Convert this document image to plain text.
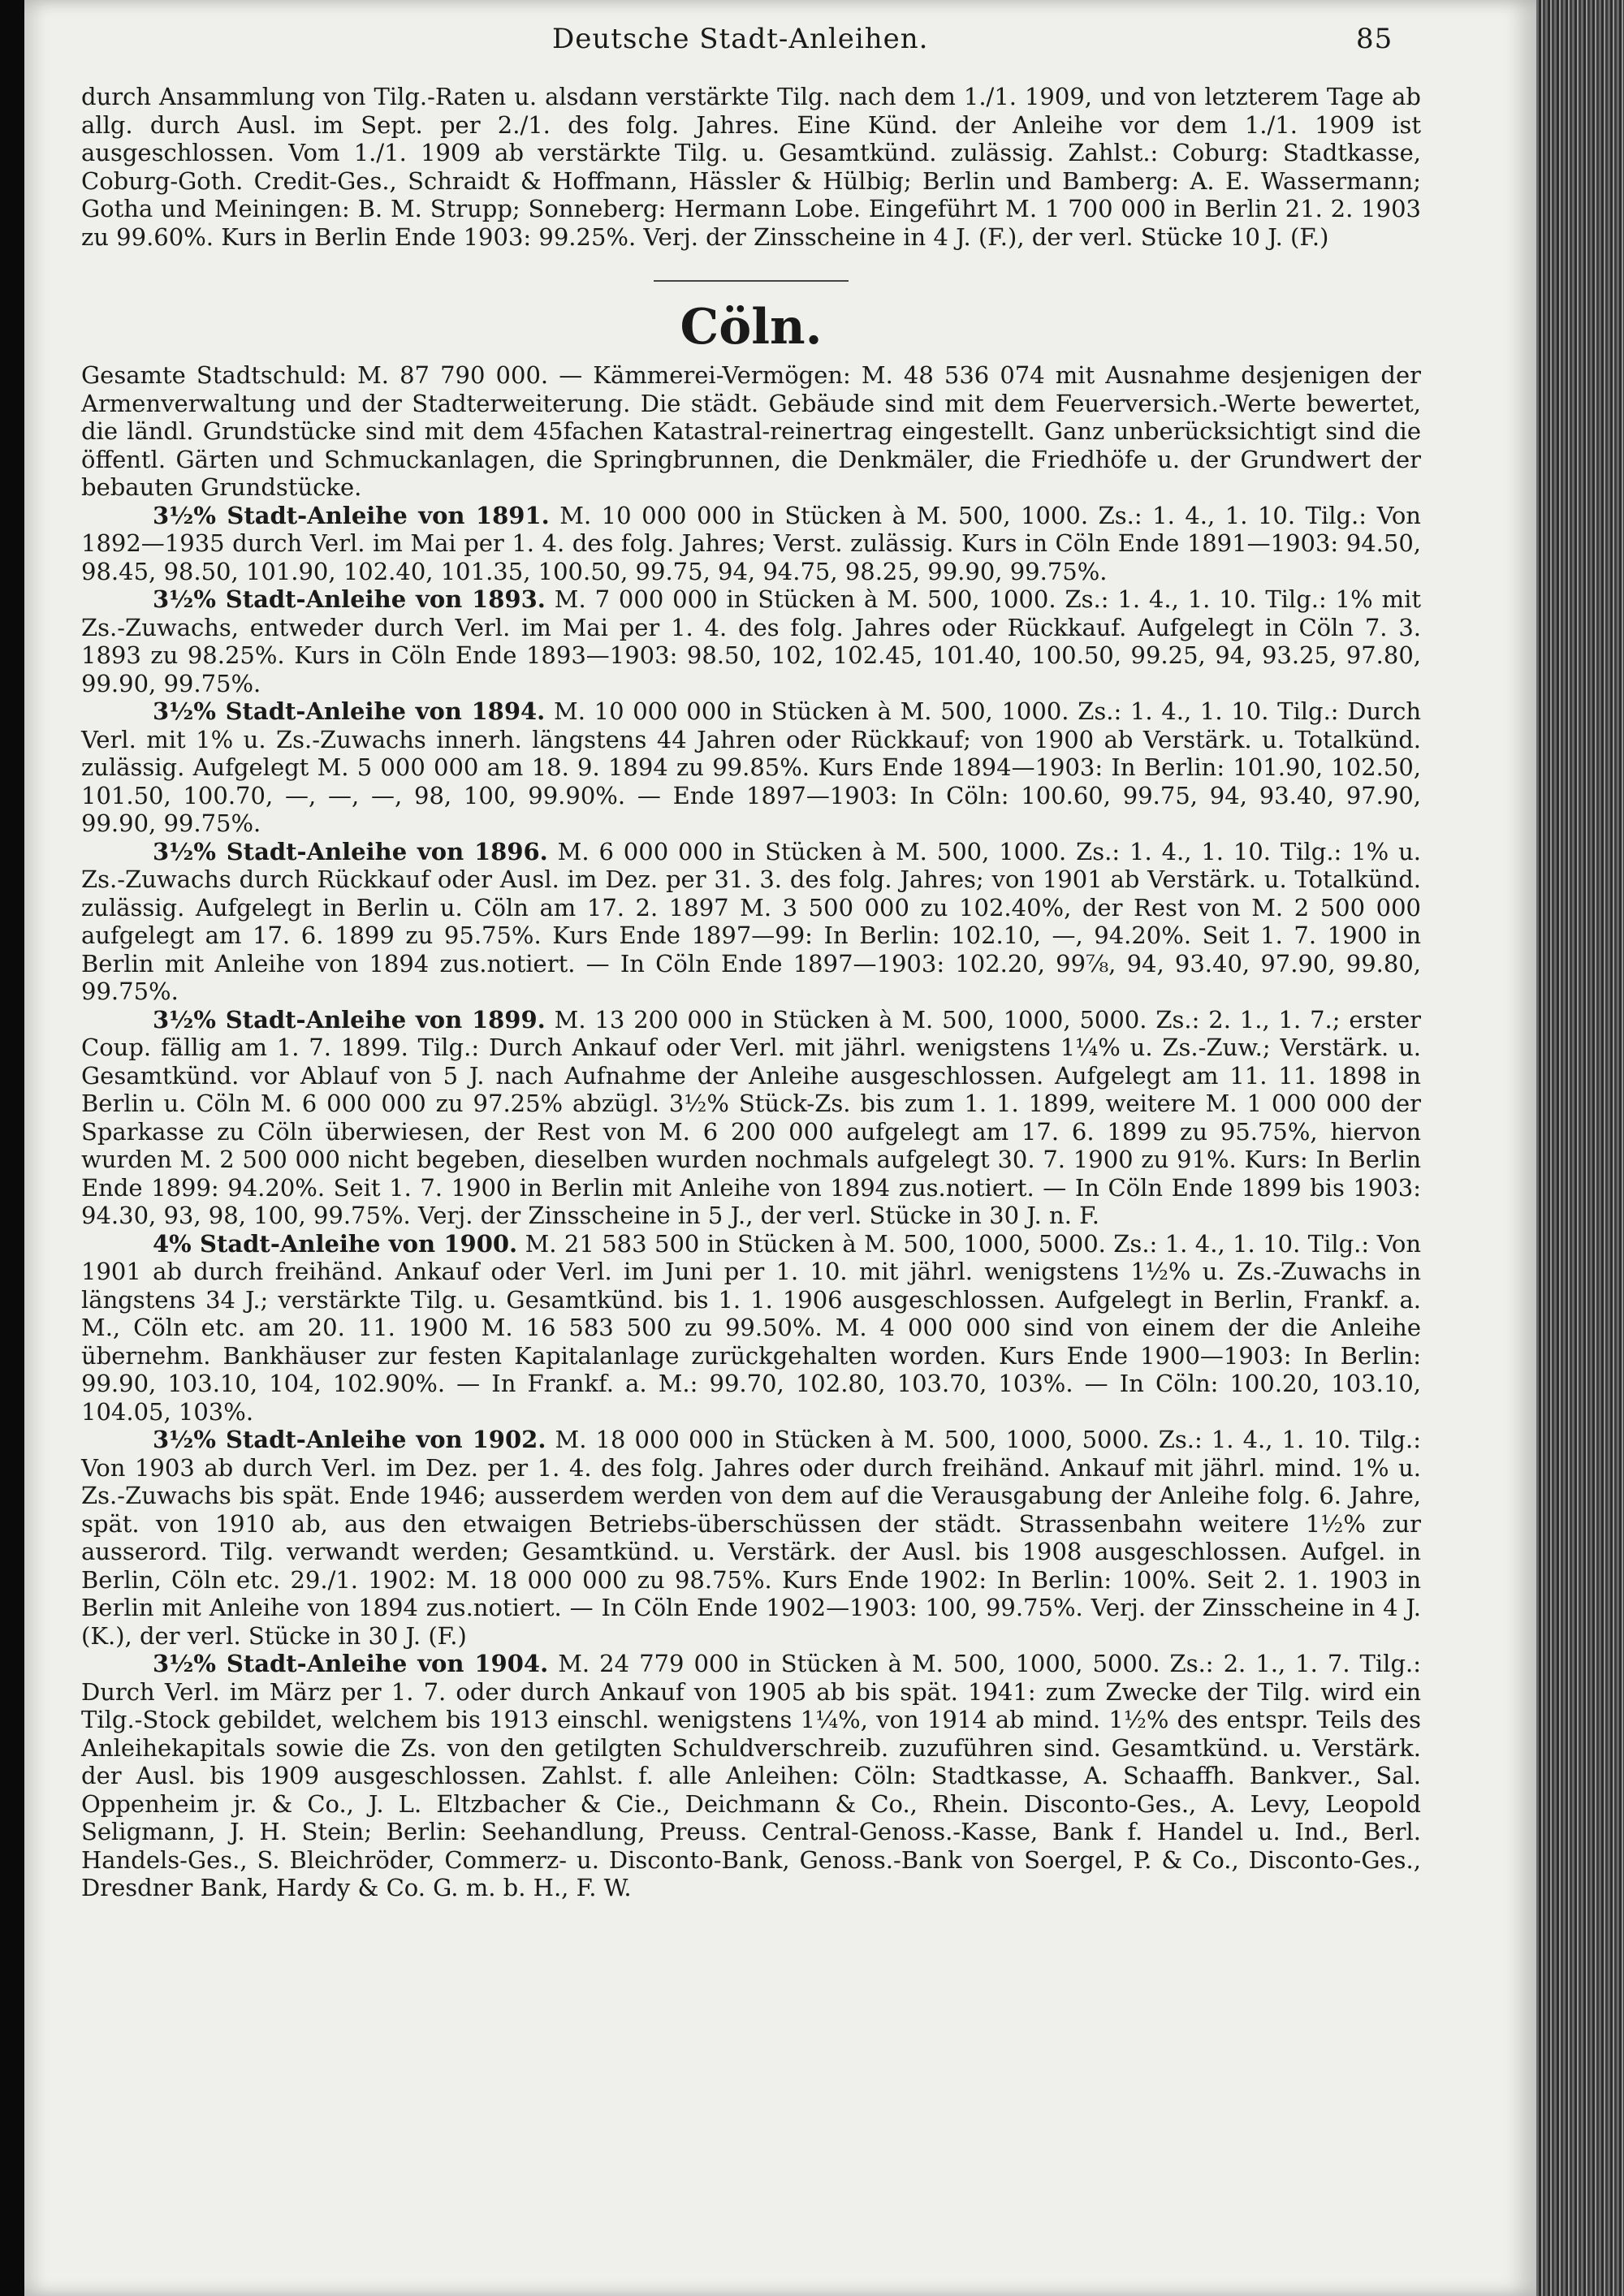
Deutsche Stadt-Anleihen.	85

durch Ansammlung von Tilg.-Raten u. alsdann verstärkte Tilg. nach dem 1./1. 1909, und von letzterem Tage ab allg. durch Ausl. im Sept. per 2./1. des folg. Jahres. Eine Künd. der Anleihe vor dem 1./1. 1909 ist ausgeschlossen. Vom 1./1. 1909 ab verstärkte Tilg. u. Gesamtkünd. zulässig. Zahlst.: Coburg: Stadtkasse, Coburg-Goth. Credit-Ges., Schraidt & Hoffmann, Hässler & Hülbig; Berlin und Bamberg: A. E. Wassermann; Gotha und Meiningen: B. M. Strupp; Sonneberg: Hermann Lobe. Eingeführt M. 1 700 000 in Berlin 21. 2. 1903 zu 99.60%. Kurs in Berlin Ende 1903: 99.25%. Verj. der Zinsscheine in 4 J. (F.), der verl. Stücke 10 J. (F.)

Cöln.

Gesamte Stadtschuld: M. 87 790 000. — Kämmerei-Vermögen: M. 48 536 074 mit Ausnahme desjenigen der Armenverwaltung und der Stadterweiterung. Die städt. Gebäude sind mit dem Feuerversich.-Werte bewertet, die ländl. Grundstücke sind mit dem 45fachen Katastral-reinertrag eingestellt. Ganz unberücksichtigt sind die öffentl. Gärten und Schmuckanlagen, die Springbrunnen, die Denkmäler, die Friedhöfe u. der Grundwert der bebauten Grundstücke.

3½% Stadt-Anleihe von 1891. M. 10 000 000 in Stücken à M. 500, 1000. Zs.: 1. 4., 1. 10. Tilg.: Von 1892—1935 durch Verl. im Mai per 1. 4. des folg. Jahres; Verst. zulässig. Kurs in Cöln Ende 1891—1903: 94.50, 98.45, 98.50, 101.90, 102.40, 101.35, 100.50, 99.75, 94, 94.75, 98.25, 99.90, 99.75%.

3½% Stadt-Anleihe von 1893. M. 7 000 000 in Stücken à M. 500, 1000. Zs.: 1. 4., 1. 10. Tilg.: 1% mit Zs.-Zuwachs, entweder durch Verl. im Mai per 1. 4. des folg. Jahres oder Rückkauf. Aufgelegt in Cöln 7. 3. 1893 zu 98.25%. Kurs in Cöln Ende 1893—1903: 98.50, 102, 102.45, 101.40, 100.50, 99.25, 94, 93.25, 97.80, 99.90, 99.75%.

3½% Stadt-Anleihe von 1894. M. 10 000 000 in Stücken à M. 500, 1000. Zs.: 1. 4., 1. 10. Tilg.: Durch Verl. mit 1% u. Zs.-Zuwachs innerh. längstens 44 Jahren oder Rückkauf; von 1900 ab Verstärk. u. Totalkünd. zulässig. Aufgelegt M. 5 000 000 am 18. 9. 1894 zu 99.85%. Kurs Ende 1894—1903: In Berlin: 101.90, 102.50, 101.50, 100.70, —, —, —, 98, 100, 99.90%. — Ende 1897—1903: In Cöln: 100.60, 99.75, 94, 93.40, 97.90, 99.90, 99.75%.

3½% Stadt-Anleihe von 1896. M. 6 000 000 in Stücken à M. 500, 1000. Zs.: 1. 4., 1. 10. Tilg.: 1% u. Zs.-Zuwachs durch Rückkauf oder Ausl. im Dez. per 31. 3. des folg. Jahres; von 1901 ab Verstärk. u. Totalkünd. zulässig. Aufgelegt in Berlin u. Cöln am 17. 2. 1897 M. 3 500 000 zu 102.40%, der Rest von M. 2 500 000 aufgelegt am 17. 6. 1899 zu 95.75%. Kurs Ende 1897—99: In Berlin: 102.10, —, 94.20%. Seit 1. 7. 1900 in Berlin mit Anleihe von 1894 zus.notiert. — In Cöln Ende 1897—1903: 102.20, 99⅞, 94, 93.40, 97.90, 99.80, 99.75%.

3½% Stadt-Anleihe von 1899. M. 13 200 000 in Stücken à M. 500, 1000, 5000. Zs.: 2. 1., 1. 7.; erster Coup. fällig am 1. 7. 1899. Tilg.: Durch Ankauf oder Verl. mit jährl. wenigstens 1¼% u. Zs.-Zuw.; Verstärk. u. Gesamtkünd. vor Ablauf von 5 J. nach Aufnahme der Anleihe ausgeschlossen. Aufgelegt am 11. 11. 1898 in Berlin u. Cöln M. 6 000 000 zu 97.25% abzügl. 3½% Stück-Zs. bis zum 1. 1. 1899, weitere M. 1 000 000 der Sparkasse zu Cöln überwiesen, der Rest von M. 6 200 000 aufgelegt am 17. 6. 1899 zu 95.75%, hiervon wurden M. 2 500 000 nicht begeben, dieselben wurden nochmals aufgelegt 30. 7. 1900 zu 91%. Kurs: In Berlin Ende 1899: 94.20%. Seit 1. 7. 1900 in Berlin mit Anleihe von 1894 zus.notiert. — In Cöln Ende 1899 bis 1903: 94.30, 93, 98, 100, 99.75%. Verj. der Zinsscheine in 5 J., der verl. Stücke in 30 J. n. F.

4% Stadt-Anleihe von 1900. M. 21 583 500 in Stücken à M. 500, 1000, 5000. Zs.: 1. 4., 1. 10. Tilg.: Von 1901 ab durch freihänd. Ankauf oder Verl. im Juni per 1. 10. mit jährl. wenigstens 1½% u. Zs.-Zuwachs in längstens 34 J.; verstärkte Tilg. u. Gesamtkünd. bis 1. 1. 1906 ausgeschlossen. Aufgelegt in Berlin, Frankf. a. M., Cöln etc. am 20. 11. 1900 M. 16 583 500 zu 99.50%. M. 4 000 000 sind von einem der die Anleihe übernehm. Bankhäuser zur festen Kapitalanlage zurückgehalten worden. Kurs Ende 1900—1903: In Berlin: 99.90, 103.10, 104, 102.90%. — In Frankf. a. M.: 99.70, 102.80, 103.70, 103%. — In Cöln: 100.20, 103.10, 104.05, 103%.

3½% Stadt-Anleihe von 1902. M. 18 000 000 in Stücken à M. 500, 1000, 5000. Zs.: 1. 4., 1. 10. Tilg.: Von 1903 ab durch Verl. im Dez. per 1. 4. des folg. Jahres oder durch freihänd. Ankauf mit jährl. mind. 1% u. Zs.-Zuwachs bis spät. Ende 1946; ausserdem werden von dem auf die Verausgabung der Anleihe folg. 6. Jahre, spät. von 1910 ab, aus den etwaigen Betriebs-überschüssen der städt. Strassenbahn weitere 1½% zur ausserord. Tilg. verwandt werden; Gesamtkünd. u. Verstärk. der Ausl. bis 1908 ausgeschlossen. Aufgel. in Berlin, Cöln etc. 29./1. 1902: M. 18 000 000 zu 98.75%. Kurs Ende 1902: In Berlin: 100%. Seit 2. 1. 1903 in Berlin mit Anleihe von 1894 zus.notiert. — In Cöln Ende 1902—1903: 100, 99.75%. Verj. der Zinsscheine in 4 J. (K.), der verl. Stücke in 30 J. (F.)

3½% Stadt-Anleihe von 1904. M. 24 779 000 in Stücken à M. 500, 1000, 5000. Zs.: 2. 1., 1. 7. Tilg.: Durch Verl. im März per 1. 7. oder durch Ankauf von 1905 ab bis spät. 1941: zum Zwecke der Tilg. wird ein Tilg.-Stock gebildet, welchem bis 1913 einschl. wenigstens 1¼%, von 1914 ab mind. 1½% des entspr. Teils des Anleihekapitals sowie die Zs. von den getilgten Schuldverschreib. zuzuführen sind. Gesamtkünd. u. Verstärk. der Ausl. bis 1909 ausgeschlossen. Zahlst. f. alle Anleihen: Cöln: Stadtkasse, A. Schaaffh. Bankver., Sal. Oppenheim jr. & Co., J. L. Eltzbacher & Cie., Deichmann & Co., Rhein. Disconto-Ges., A. Levy, Leopold Seligmann, J. H. Stein; Berlin: Seehandlung, Preuss. Central-Genoss.-Kasse, Bank f. Handel u. Ind., Berl. Handels-Ges., S. Bleichröder, Commerz- u. Disconto-Bank, Genoss.-Bank von Soergel, P. & Co., Disconto-Ges., Dresdner Bank, Hardy & Co. G. m. b. H., F. W.
